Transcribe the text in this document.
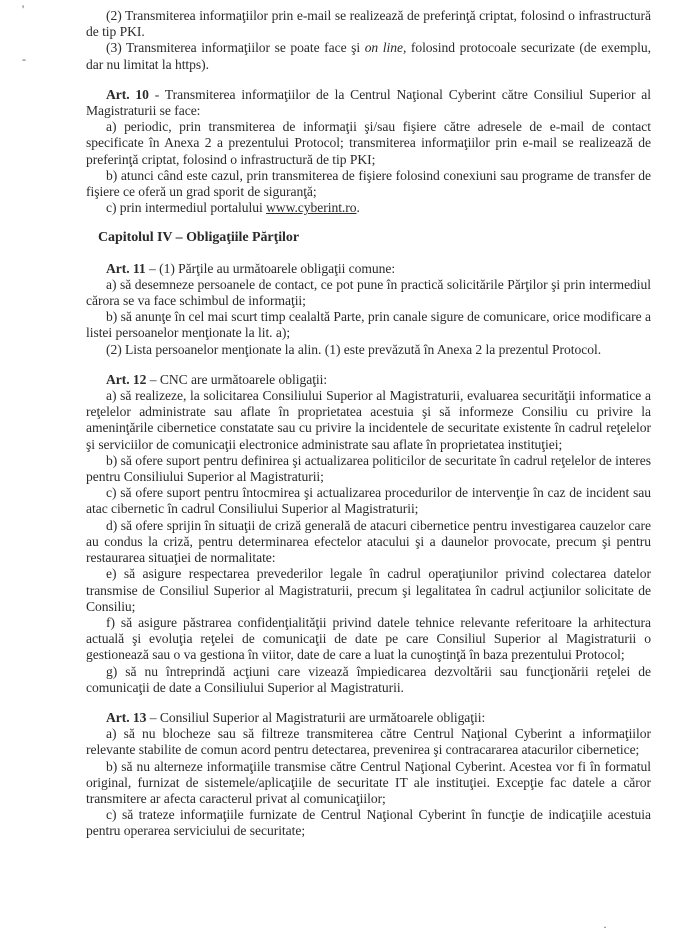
'
-
·

(2) Transmiterea informaţiilor prin e-mail se realizează de preferinţă criptat, folosind o infrastructură de tip PKI.

(3) Transmiterea informaţiilor se poate face şi on line, folosind protocoale securizate (de exemplu, dar nu limitat la https).

Art. 10 - Transmiterea informaţiilor de la Centrul Naţional Cyberint către Consiliul Superior al Magistraturii se face:

a) periodic, prin transmiterea de informaţii şi/sau fişiere către adresele de e-mail de contact specificate în Anexa 2 a prezentului Protocol; transmiterea informaţiilor prin e-mail se realizează de preferinţă criptat, folosind o infrastructură de tip PKI;

b) atunci când este cazul, prin transmiterea de fişiere folosind conexiuni sau programe de transfer de fişiere ce oferă un grad sporit de siguranţă;

c) prin intermediul portalului www.cyberint.ro.

Capitolul IV – Obligaţiile Părţilor

Art. 11 – (1) Părţile au următoarele obligaţii comune:

a) să desemneze persoanele de contact, ce pot pune în practică solicitările Părţilor şi prin intermediul cărora se va face schimbul de informaţii;

b) să anunţe în cel mai scurt timp cealaltă Parte, prin canale sigure de comunicare, orice modificare a listei persoanelor menţionate la lit. a);

(2) Lista persoanelor menţionate la alin. (1) este prevăzută în Anexa 2 la prezentul Protocol.

Art. 12 – CNC are următoarele obligaţii:

a) să realizeze, la solicitarea Consiliului Superior al Magistraturii, evaluarea securităţii informatice a reţelelor administrate sau aflate în proprietatea acestuia şi să informeze Consiliu cu privire la ameninţările cibernetice constatate sau cu privire la incidentele de securitate existente în cadrul reţelelor şi serviciilor de comunicaţii electronice administrate sau aflate în proprietatea instituţiei;

b) să ofere suport pentru definirea şi actualizarea politicilor de securitate în cadrul reţelelor de interes pentru Consiliului Superior al Magistraturii;

c) să ofere suport pentru întocmirea şi actualizarea procedurilor de intervenţie în caz de incident sau atac cibernetic în cadrul Consiliului Superior al Magistraturii;

d) să ofere sprijin în situaţii de criză generală de atacuri cibernetice pentru investigarea cauzelor care au condus la criză, pentru determinarea efectelor atacului şi a daunelor provocate, precum şi pentru restaurarea situaţiei de normalitate:

e) să asigure respectarea prevederilor legale în cadrul operaţiunilor privind colectarea datelor transmise de Consiliul Superior al Magistraturii, precum şi legalitatea în cadrul acţiunilor solicitate de Consiliu;

f) să asigure păstrarea confidenţialităţii privind datele tehnice relevante referitoare la arhitectura actuală şi evoluţia reţelei de comunicaţii de date pe care Consiliul Superior al Magistraturii o gestionează sau o va gestiona în viitor, date de care a luat la cunoştinţă în baza prezentului Protocol;

g) să nu întreprindă acţiuni care vizează împiedicarea dezvoltării sau funcţionării reţelei de comunicaţii de date a Consiliului Superior al Magistraturii.

Art. 13 – Consiliul Superior al Magistraturii are următoarele obligaţii:

a) să nu blocheze sau să filtreze transmiterea către Centrul Naţional Cyberint a informaţiilor relevante stabilite de comun acord pentru detectarea, prevenirea şi contracararea atacurilor cibernetice;

b) să nu alterneze informaţiile transmise către Centrul Naţional Cyberint. Acestea vor fi în formatul original, furnizat de sistemele/aplicaţiile de securitate IT ale instituţiei. Excepţie fac datele a căror transmitere ar afecta caracterul privat al comunicaţiilor;

c) să trateze informaţiile furnizate de Centrul Naţional Cyberint în funcţie de indicaţiile acestuia pentru operarea serviciului de securitate;
